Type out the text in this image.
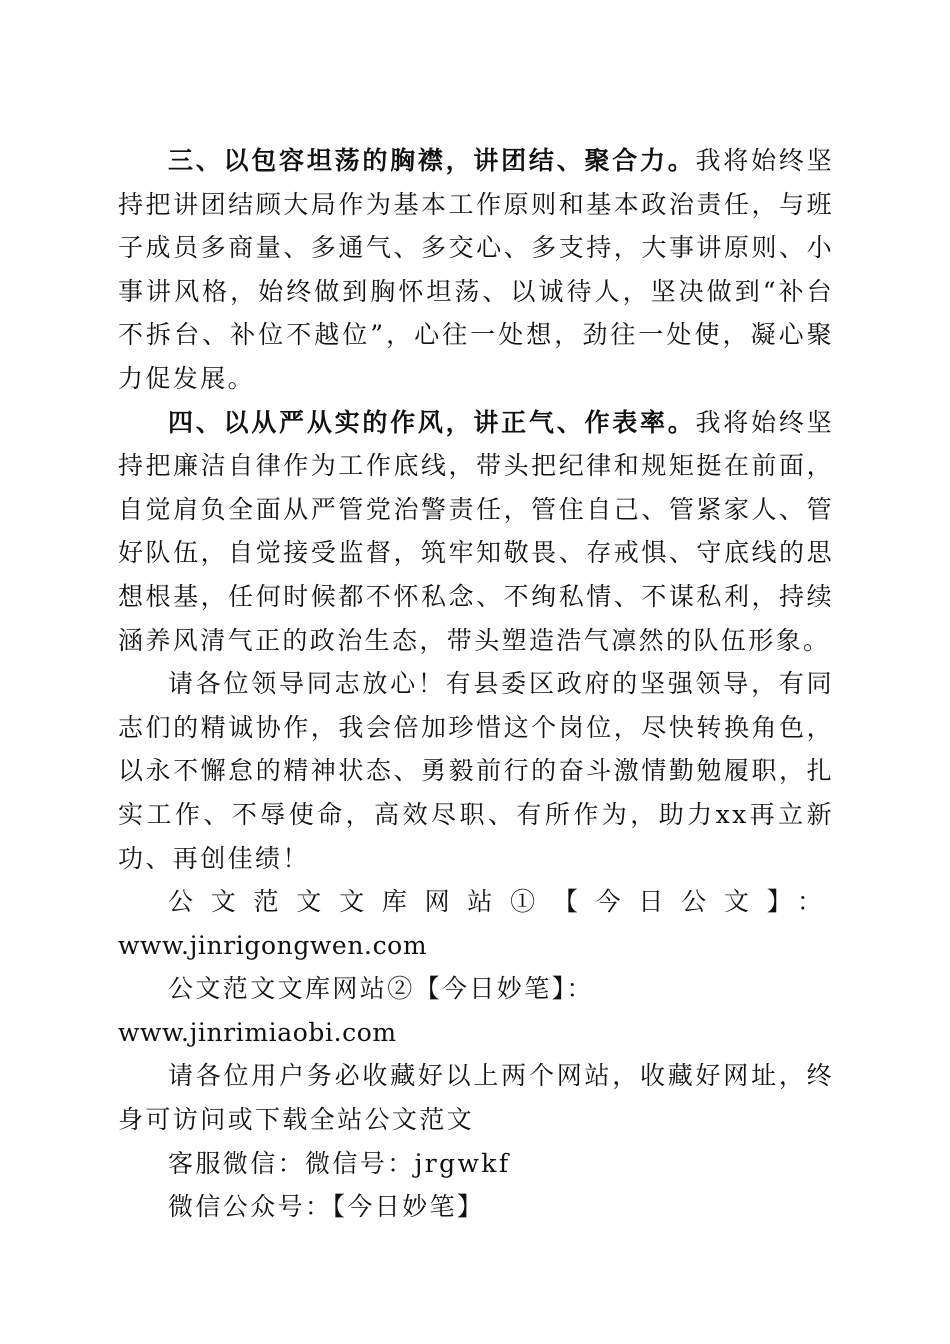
三、以包容坦荡的胸襟，讲团结、聚合力。我将始终坚持把讲团结顾大局作为基本工作原则和基本政治责任，与班子成员多商量、多通气、多交心、多支持，大事讲原则、小事讲风格，始终做到胸怀坦荡、以诚待人，坚决做到“补台不拆台、补位不越位”，心往一处想，劲往一处使，凝心聚力促发展。

四、以从严从实的作风，讲正气、作表率。我将始终坚持把廉洁自律作为工作底线，带头把纪律和规矩挺在前面，自觉肩负全面从严管党治警责任，管住自己、管紧家人、管好队伍，自觉接受监督，筑牢知敬畏、存戒惧、守底线的思想根基，任何时候都不怀私念、不绚私情、不谋私利，持续涵养风清气正的政治生态，带头塑造浩气凛然的队伍形象。

请各位领导同志放心！有县委区政府的坚强领导，有同志们的精诚协作，我会倍加珍惜这个岗位，尽快转换角色，以永不懈怠的精神状态、勇毅前行的奋斗激情勤勉履职，扎实工作、不辱使命，高效尽职、有所作为，助力xx再立新功、再创佳绩！

公文范文文库网站①【今日公文】：

www.jinrigongwen.com

公文范文文库网站②【今日妙笔】：www.jinrimiaobi.com

请各位用户务必收藏好以上两个网站，收藏好网址，终身可访问或下载全站公文范文

客服微信：微信号：jrgwkf

微信公众号：【今日妙笔】
